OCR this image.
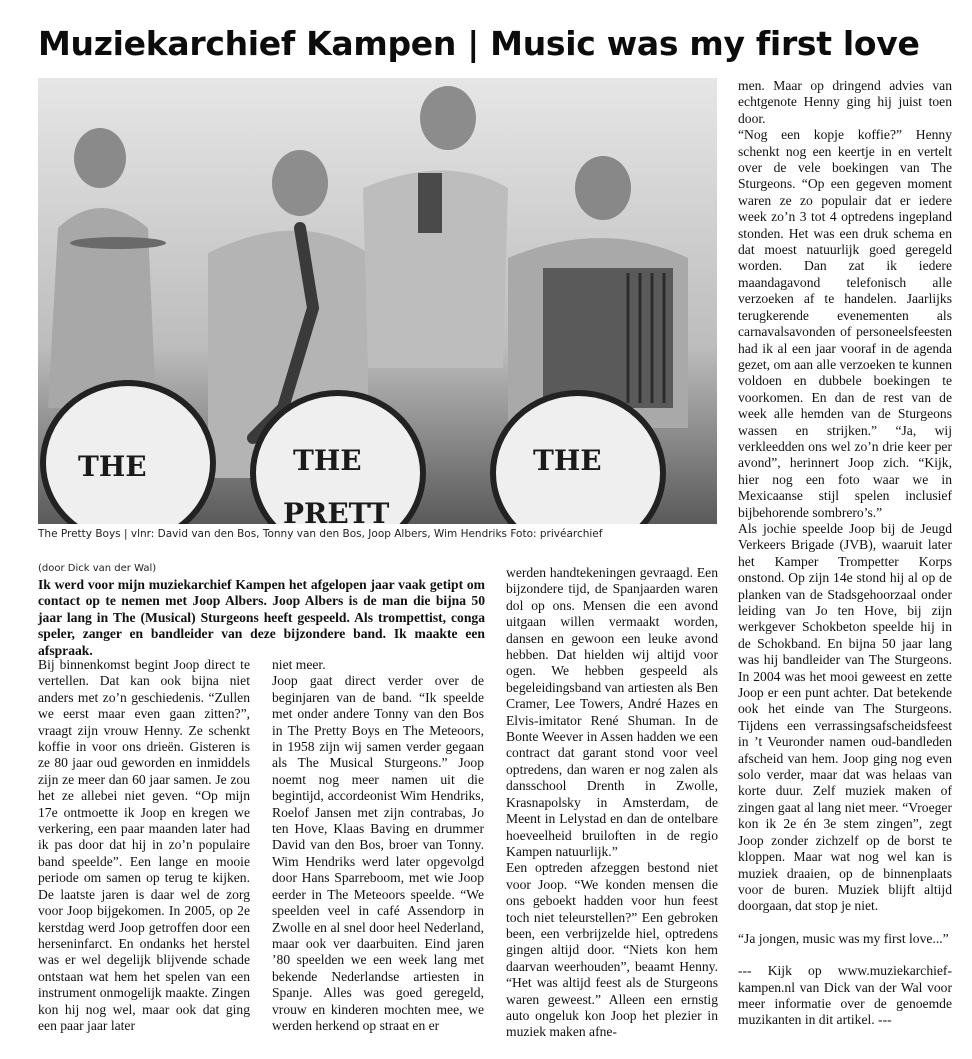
Muziekarchief Kampen | Music was my first love
THE	THE	THE
PRETT
The Pretty Boys | vlnr: David van den Bos, Tonny van den Bos, Joop Albers, Wim Hendriks Foto: privéarchief
(door Dick van der Wal)

Ik werd voor mijn muziekarchief Kampen het afgelopen jaar vaak getipt om contact op te nemen met Joop Albers. Joop Albers is de man die bijna 50 jaar lang in The (Musical) Sturgeons heeft gespeeld. Als trompettist, conga speler, zanger en bandleider van deze bijzondere band. Ik maakte een afspraak.

Bij binnenkomst begint Joop direct te vertellen. Dat kan ook bijna niet anders met zo’n geschiedenis. “Zullen we eerst maar even gaan zitten?”, vraagt zijn vrouw Henny. Ze schenkt koffie in voor ons drieën. Gisteren is ze 80 jaar oud geworden en inmiddels zijn ze meer dan 60 jaar samen. Je zou het ze allebei niet geven. “Op mijn 17e ontmoette ik Joop en kregen we verkering, een paar maanden later had ik pas door dat hij in zo’n populaire band speelde”. Een lange en mooie periode om samen op terug te kijken. De laatste jaren is daar wel de zorg voor Joop bijgekomen. In 2005, op 2e kerstdag werd Joop getroffen door een herseninfarct. En ondanks het herstel was er wel degelijk blijvende schade ontstaan wat hem het spelen van een instrument onmogelijk maakte. Zingen kon hij nog wel, maar ook dat ging een paar jaar later

niet meer.
Joop gaat direct verder over de beginjaren van de band. “Ik speelde met onder andere Tonny van den Bos in The Pretty Boys en The Meteoors, in 1958 zijn wij samen verder gegaan als The Musical Sturgeons.” Joop noemt nog meer namen uit die begintijd, accordeonist Wim Hendriks, Roelof Jansen met zijn contrabas, Jo ten Hove, Klaas Baving en drummer David van den Bos, broer van Tonny. Wim Hendriks werd later opgevolgd door Hans Sparreboom, met wie Joop eerder in The Meteoors speelde. “We speelden veel in café Assendorp in Zwolle en al snel door heel Nederland, maar ook ver daarbuiten. Eind jaren ’80 speelden we een week lang met bekende Nederlandse artiesten in Spanje. Alles was goed geregeld, vrouw en kinderen mochten mee, we werden herkend op straat en er

werden handtekeningen gevraagd. Een bijzondere tijd, de Spanjaarden waren dol op ons. Mensen die een avond uitgaan willen vermaakt worden, dansen en gewoon een leuke avond hebben. Dat hielden wij altijd voor ogen. We hebben gespeeld als begeleidingsband van artiesten als Ben Cramer, Lee Towers, André Hazes en Elvis-imitator René Shuman. In de Bonte Weever in Assen hadden we een contract dat garant stond voor veel optredens, dan waren er nog zalen als dansschool Drenth in Zwolle, Krasnapolsky in Amsterdam, de Meent in Lelystad en dan de ontelbare hoeveelheid bruiloften in de regio Kampen natuurlijk.”
Een optreden afzeggen bestond niet voor Joop. “We konden mensen die ons geboekt hadden voor hun feest toch niet teleurstellen?” Een gebroken been, een verbrijzelde hiel, optredens gingen altijd door. “Niets kon hem daarvan weerhouden”, beaamt Henny. “Het was altijd feest als de Sturgeons waren geweest.” Alleen een ernstig auto ongeluk kon Joop het plezier in muziek maken afne-

men. Maar op dringend advies van echtgenote Henny ging hij juist toen door.
“Nog een kopje koffie?” Henny schenkt nog een keertje in en vertelt over de vele boekingen van The Sturgeons. “Op een gegeven moment waren ze zo populair dat er iedere week zo’n 3 tot 4 optredens ingepland stonden. Het was een druk schema en dat moest natuurlijk goed geregeld worden. Dan zat ik iedere maandagavond telefonisch alle verzoeken af te handelen. Jaarlijks terugkerende evenementen als carnavalsavonden of personeelsfeesten had ik al een jaar vooraf in de agenda gezet, om aan alle verzoeken te kunnen voldoen en dubbele boekingen te voorkomen. En dan de rest van de week alle hemden van de Sturgeons wassen en strijken.” “Ja, wij verkleedden ons wel zo’n drie keer per avond”, herinnert Joop zich. “Kijk, hier nog een foto waar we in Mexicaanse stijl spelen inclusief bijbehorende sombrero’s.”
Als jochie speelde Joop bij de Jeugd Verkeers Brigade (JVB), waaruit later het Kamper Trompetter Korps onstond. Op zijn 14e stond hij al op de planken van de Stadsgehoorzaal onder leiding van Jo ten Hove, bij zijn werkgever Schokbeton speelde hij in de Schokband. En bijna 50 jaar lang was hij bandleider van The Sturgeons. In 2004 was het mooi geweest en zette Joop er een punt achter. Dat betekende ook het einde van The Sturgeons. Tijdens een verrassingsafscheidsfeest in ’t Veuronder namen oud-bandleden afscheid van hem. Joop ging nog even solo verder, maar dat was helaas van korte duur. Zelf muziek maken of zingen gaat al lang niet meer. “Vroeger kon ik 2e én 3e stem zingen”, zegt Joop zonder zichzelf op de borst te kloppen. Maar wat nog wel kan is muziek draaien, op de binnenplaats voor de buren. Muziek blijft altijd doorgaan, dat stop je niet.

“Ja jongen, music was my first love...”

--- Kijk op www.muziekarchief-kampen.nl van Dick van der Wal voor meer informatie over de genoemde muzikanten in dit artikel. ---
